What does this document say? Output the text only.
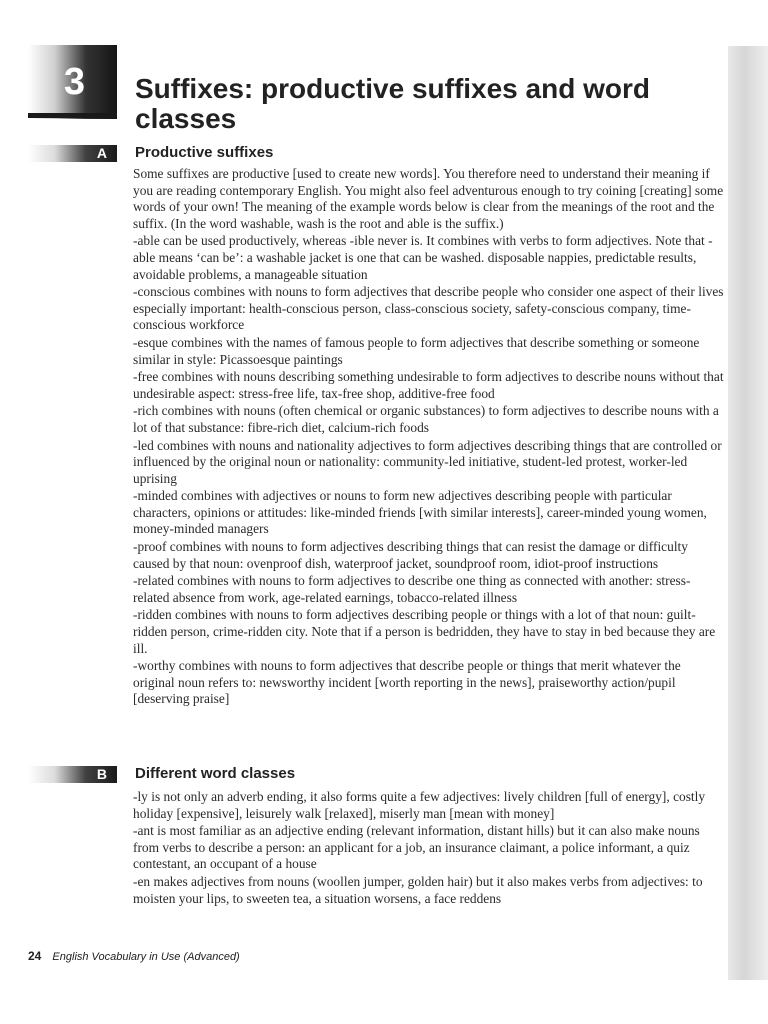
3 Suffixes: productive suffixes and word classes
A Productive suffixes

Some suffixes are productive [used to create new words]. You therefore need to understand their meaning if you are reading contemporary English. You might also feel adventurous enough to try coining [creating] some words of your own! The meaning of the example words below is clear from the meanings of the root and the suffix. (In the word washable, wash is the root and able is the suffix.)

-able can be used productively, whereas -ible never is. It combines with verbs to form adjectives. Note that -able means ‘can be’: a washable jacket is one that can be washed. disposable nappies, predictable results, avoidable problems, a manageable situation

-conscious combines with nouns to form adjectives that describe people who consider one aspect of their lives especially important: health-conscious person, class-conscious society, safety-conscious company, time-conscious workforce

-esque combines with the names of famous people to form adjectives that describe something or someone similar in style: Picassoesque paintings

-free combines with nouns describing something undesirable to form adjectives to describe nouns without that undesirable aspect: stress-free life, tax-free shop, additive-free food

-rich combines with nouns (often chemical or organic substances) to form adjectives to describe nouns with a lot of that substance: fibre-rich diet, calcium-rich foods

-led combines with nouns and nationality adjectives to form adjectives describing things that are controlled or influenced by the original noun or nationality: community-led initiative, student-led protest, worker-led uprising

-minded combines with adjectives or nouns to form new adjectives describing people with particular characters, opinions or attitudes: like-minded friends [with similar interests], career-minded young women, money-minded managers

-proof combines with nouns to form adjectives describing things that can resist the damage or difficulty caused by that noun: ovenproof dish, waterproof jacket, soundproof room, idiot-proof instructions

-related combines with nouns to form adjectives to describe one thing as connected with another: stress-related absence from work, age-related earnings, tobacco-related illness

-ridden combines with nouns to form adjectives describing people or things with a lot of that noun: guilt-ridden person, crime-ridden city. Note that if a person is bedridden, they have to stay in bed because they are ill.

-worthy combines with nouns to form adjectives that describe people or things that merit whatever the original noun refers to: newsworthy incident [worth reporting in the news], praiseworthy action/pupil [deserving praise]

B Different word classes

-ly is not only an adverb ending, it also forms quite a few adjectives: lively children [full of energy], costly holiday [expensive], leisurely walk [relaxed], miserly man [mean with money]

-ant is most familiar as an adjective ending (relevant information, distant hills) but it can also make nouns from verbs to describe a person: an applicant for a job, an insurance claimant, a police informant, a quiz contestant, an occupant of a house

-en makes adjectives from nouns (woollen jumper, golden hair) but it also makes verbs from adjectives: to moisten your lips, to sweeten tea, a situation worsens, a face reddens

24 English Vocabulary in Use (Advanced)
